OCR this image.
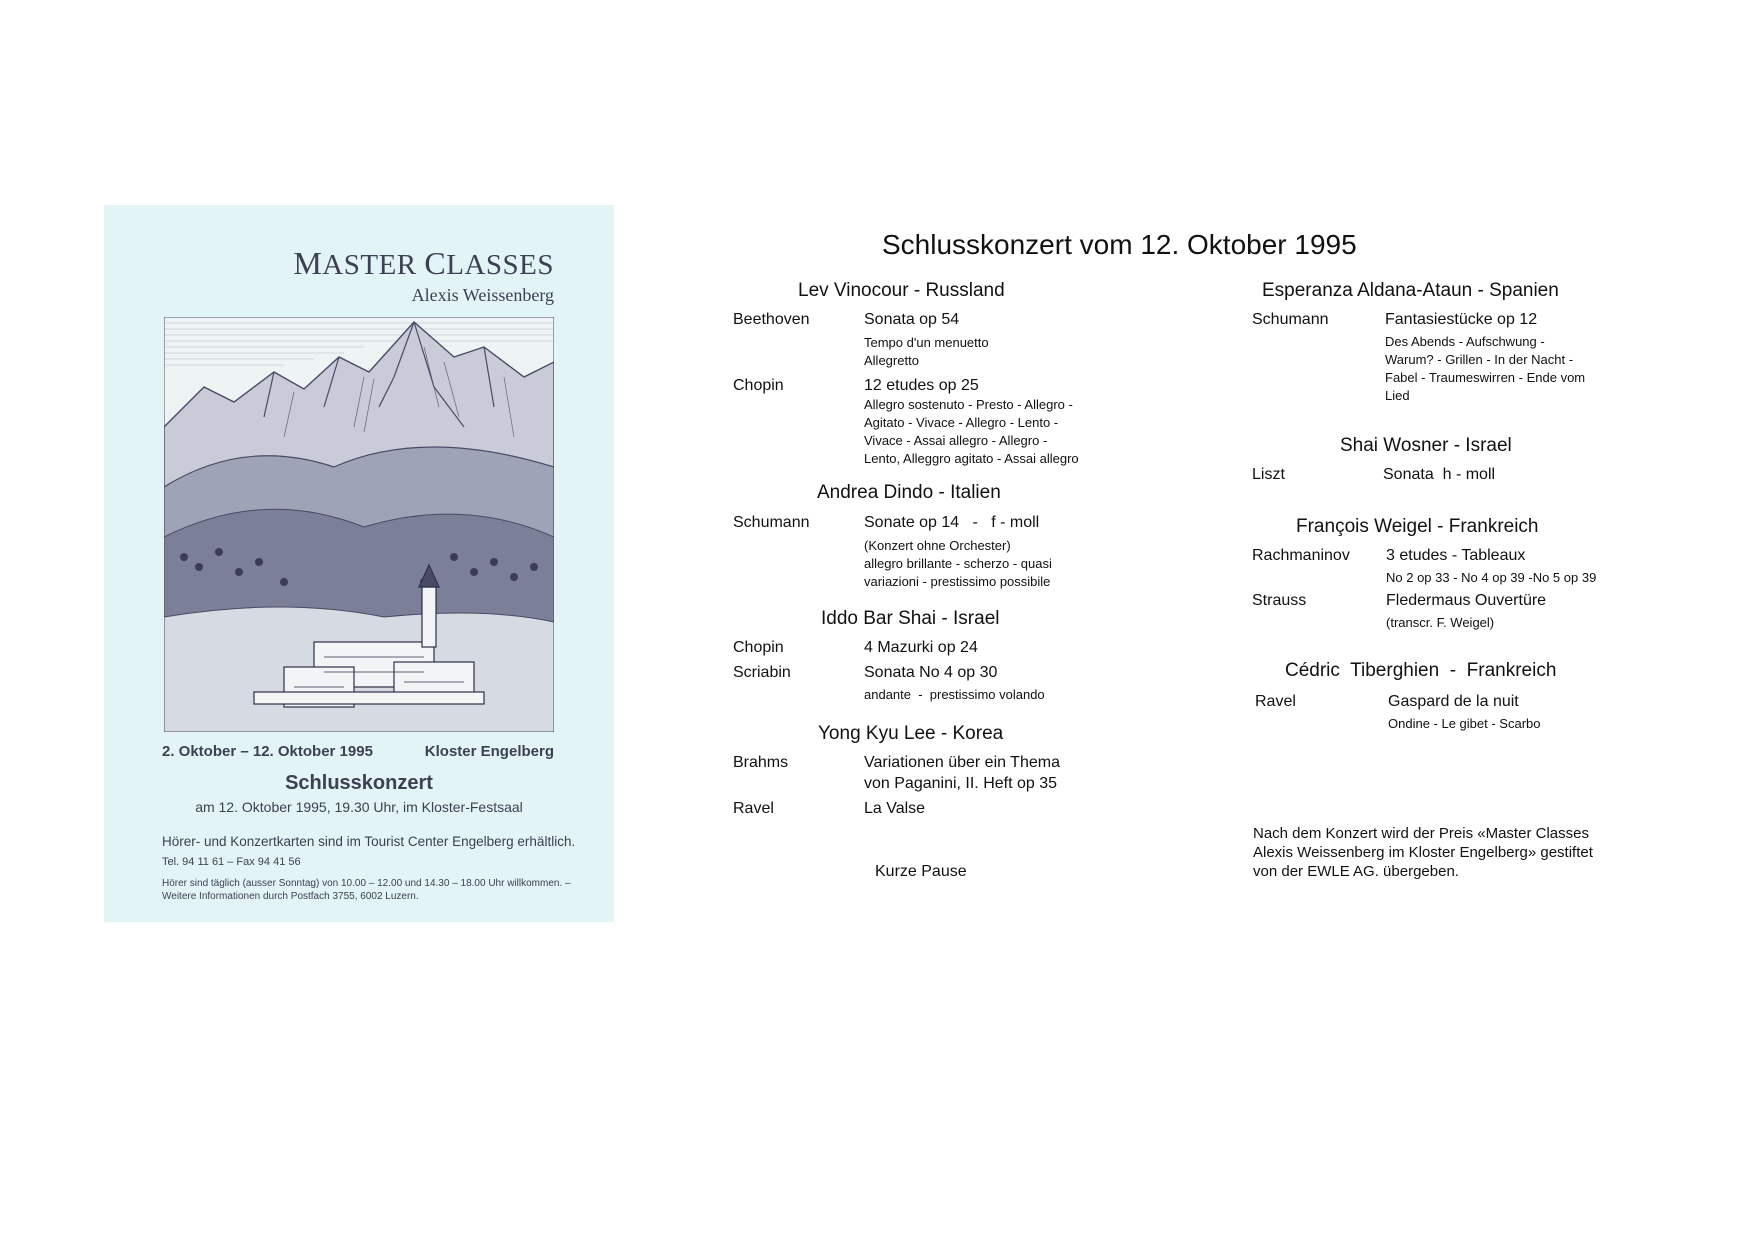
MASTER CLASSES
Alexis Weissenberg
2. Oktober – 12. Oktober 1995	Kloster Engelberg
Schlusskonzert
am 12. Oktober 1995, 19.30 Uhr, im Kloster-Festsaal
Hörer- und Konzertkarten sind im Tourist Center Engelberg erhältlich. Tel. 94 11 61 – Fax 94 41 56
Hörer sind täglich (ausser Sonntag) von 10.00 – 12.00 und 14.30 – 18.00 Uhr willkommen. – Weitere Informationen durch Postfach 3755, 6002 Luzern.
Schlusskonzert vom 12. Oktober 1995
Lev Vinocour - Russland
Beethoven	Sonata op 54
Tempo d'un menuetto
Allegretto
Chopin	12 etudes op 25
Allegro sostenuto - Presto - Allegro -
Agitato - Vivace - Allegro - Lento -
Vivace - Assai allegro - Allegro -
Lento, Alleggro agitato - Assai allegro
Andrea Dindo - Italien
Schumann	Sonate op 14   -   f - moll
(Konzert ohne Orchester)
allegro brillante - scherzo - quasi
variazioni - prestissimo possibile
Iddo Bar Shai - Israel
Chopin	4 Mazurki op 24
Scriabin	Sonata No 4 op 30
andante  -  prestissimo volando
Yong Kyu Lee - Korea
Brahms	Variationen über ein Thema
von Paganini, II. Heft op 35
Ravel	La Valse
Kurze Pause
Esperanza Aldana-Ataun - Spanien
Schumann	Fantasiestücke op 12
Des Abends - Aufschwung -
Warum? - Grillen - In der Nacht -
Fabel - Traumeswirren - Ende vom
Lied
Shai Wosner - Israel
Liszt	Sonata  h - moll
François Weigel - Frankreich
Rachmaninov 3 etudes - Tableaux
No 2 op 33 - No 4 op 39 -No 5 op 39
Strauss	Fledermaus Ouvertüre
(transcr. F. Weigel)
Cédric  Tiberghien  -  Frankreich
Ravel	Gaspard de la nuit
Ondine - Le gibet - Scarbo
Nach dem Konzert wird der Preis «Master Classes
Alexis Weissenberg im Kloster Engelberg» gestiftet
von der EWLE AG. übergeben.
